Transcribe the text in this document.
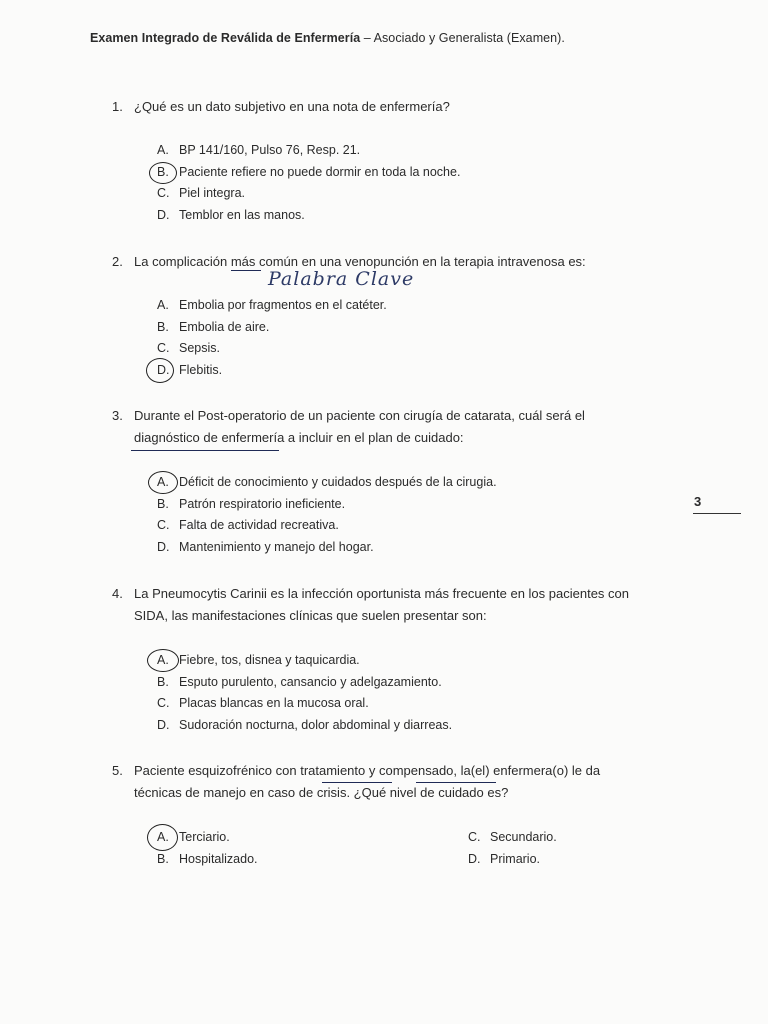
Examen Integrado de Reválida de Enfermería – Asociado y Generalista (Examen).
1. ¿Qué es un dato subjetivo en una nota de enfermería?
A. BP 141/160, Pulso 76, Resp. 21.
B. Paciente refiere no puede dormir en toda la noche.
C. Piel integra.
D. Temblor en las manos.
2. La complicación más común en una venopunción en la terapia intravenosa es:
Palabra Clave
A. Embolia por fragmentos en el catéter.
B. Embolia de aire.
C. Sepsis.
D. Flebitis.
3. Durante el Post-operatorio de un paciente con cirugía de catarata, cuál será el
diagnóstico de enfermería a incluir en el plan de cuidado:
A. Déficit de conocimiento y cuidados después de la cirugia.
B. Patrón respiratorio ineficiente.
C. Falta de actividad recreativa.
D. Mantenimiento y manejo del hogar.
3
4. La Pneumocytis Carinii es la infección oportunista más frecuente en los pacientes con
SIDA, las manifestaciones clínicas que suelen presentar son:
A. Fiebre, tos, disnea y taquicardia.
B. Esputo purulento, cansancio y adelgazamiento.
C. Placas blancas en la mucosa oral.
D. Sudoración nocturna, dolor abdominal y diarreas.
5. Paciente esquizofrénico con tratamiento y compensado, la(el) enfermera(o) le da
técnicas de manejo en caso de crisis. ¿Qué nivel de cuidado es?
A. Terciario.
B. Hospitalizado.
C. Secundario.
D. Primario.
